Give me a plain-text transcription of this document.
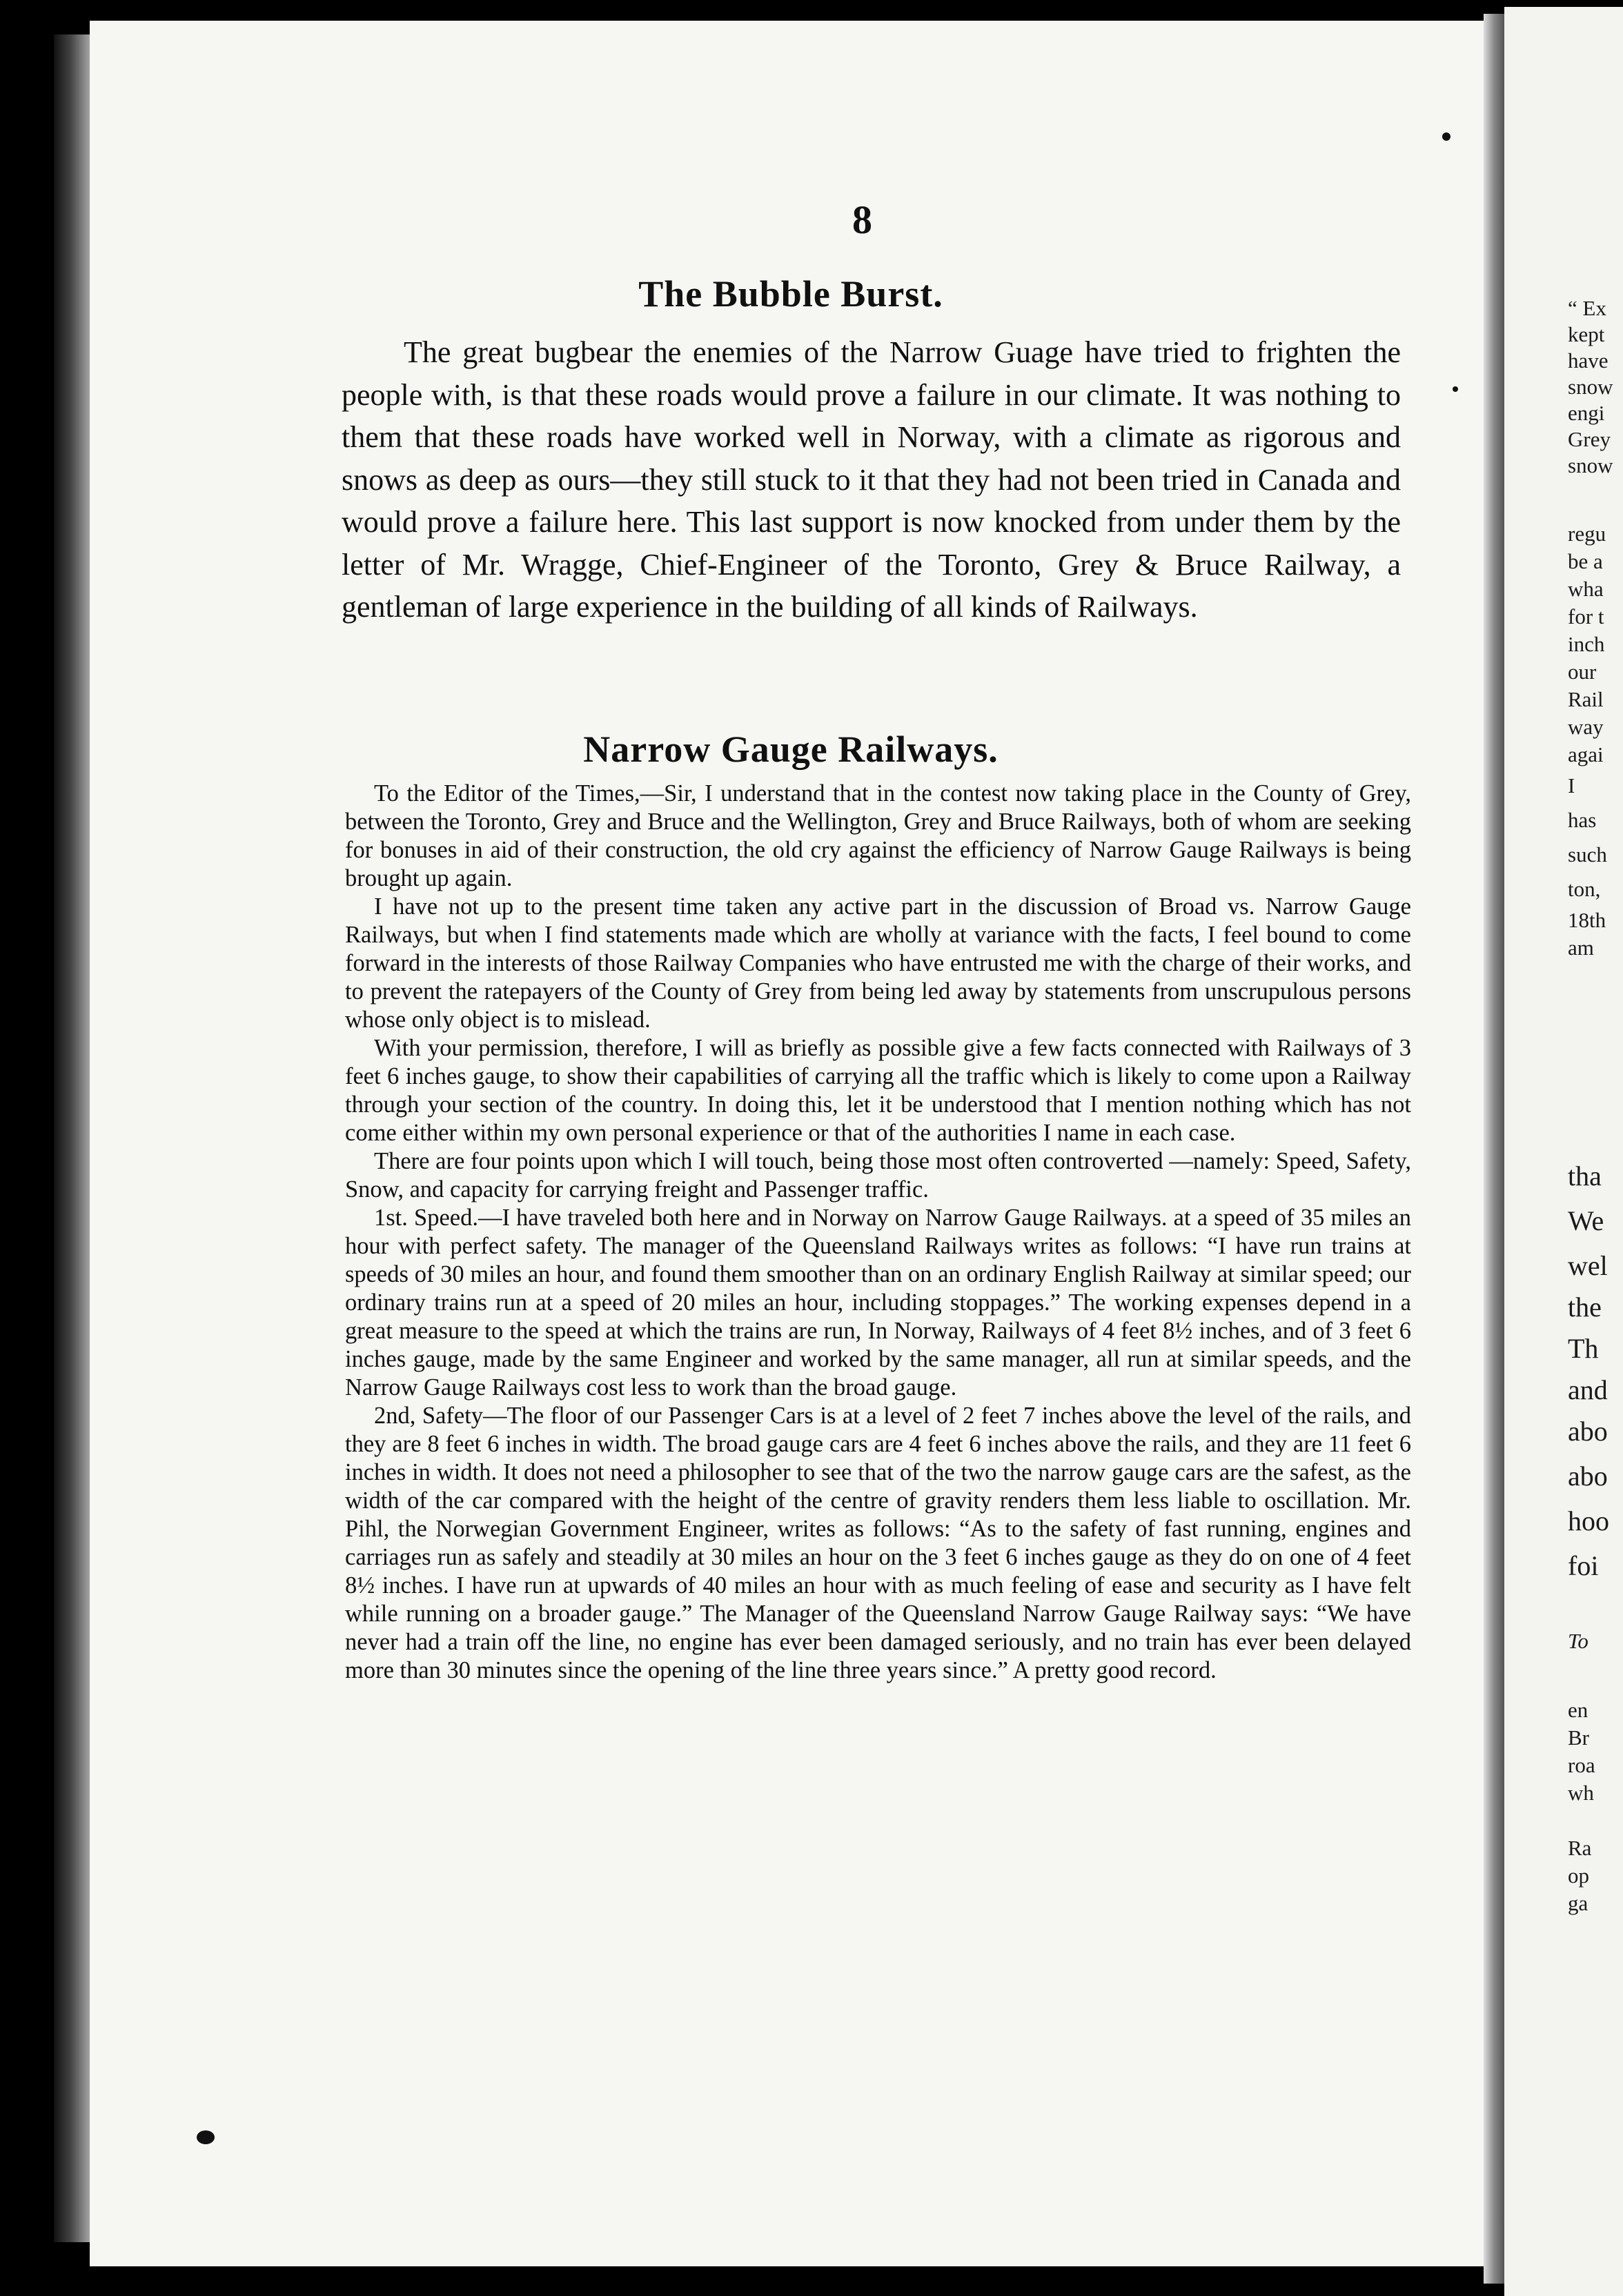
“ Ex
kept
have
snow
engi
Grey
snow
regu
be a
wha
for t
inch
our
Rail
way
agai
I
has
such
ton,
18th
am
tha
We
wel
the
Th
and
abo
abo
hoo
foi
To
en
Br
roa
wh
Ra
op
ga
8
The Bubble Burst.

The great bugbear the enemies of the Narrow Guage have tried to frighten the people with, is that these roads would prove a failure in our climate. It was nothing to them that these roads have worked well in Norway, with a climate as rigorous and snows as deep as ours—they still stuck to it that they had not been tried in Canada and would prove a failure here. This last support is now knocked from under them by the letter of Mr. Wragge, Chief-Engineer of the Toronto, Grey & Bruce Railway, a gentleman of large experience in the building of all kinds of Railways.

Narrow Gauge Railways.

To the Editor of the Times,—Sir, I understand that in the contest now taking place in the County of Grey, between the Toronto, Grey and Bruce and the Wellington, Grey and Bruce Railways, both of whom are seeking for bonuses in aid of their construction, the old cry against the efficiency of Narrow Gauge Railways is being brought up again.

I have not up to the present time taken any active part in the discussion of Broad vs. Narrow Gauge Railways, but when I find statements made which are wholly at variance with the facts, I feel bound to come forward in the interests of those Railway Companies who have entrusted me with the charge of their works, and to prevent the ratepayers of the County of Grey from being led away by statements from unscrupulous persons whose only object is to mislead.

With your permission, therefore, I will as briefly as possible give a few facts connected with Railways of 3 feet 6 inches gauge, to show their capabilities of carrying all the traffic which is likely to come upon a Railway through your section of the country. In doing this, let it be understood that I mention nothing which has not come either within my own personal experience or that of the authorities I name in each case.

There are four points upon which I will touch, being those most often controverted —namely: Speed, Safety, Snow, and capacity for carrying freight and Passenger traffic.

1st. Speed.—I have traveled both here and in Norway on Narrow Gauge Railways. at a speed of 35 miles an hour with perfect safety. The manager of the Queensland Railways writes as follows: “I have run trains at speeds of 30 miles an hour, and found them smoother than on an ordinary English Railway at similar speed; our ordinary trains run at a speed of 20 miles an hour, including stoppages.” The working expenses depend in a great measure to the speed at which the trains are run, In Norway, Railways of 4 feet 8½ inches, and of 3 feet 6 inches gauge, made by the same Engineer and worked by the same manager, all run at similar speeds, and the Narrow Gauge Railways cost less to work than the broad gauge.

2nd, Safety—The floor of our Passenger Cars is at a level of 2 feet 7 inches above the level of the rails, and they are 8 feet 6 inches in width. The broad gauge cars are 4 feet 6 inches above the rails, and they are 11 feet 6 inches in width. It does not need a philosopher to see that of the two the narrow gauge cars are the safest, as the width of the car compared with the height of the centre of gravity renders them less liable to oscillation. Mr. Pihl, the Norwegian Government Engineer, writes as follows: “As to the safety of fast running, engines and carriages run as safely and steadily at 30 miles an hour on the 3 feet 6 inches gauge as they do on one of 4 feet 8½ inches. I have run at upwards of 40 miles an hour with as much feeling of ease and security as I have felt while running on a broader gauge.” The Manager of the Queensland Narrow Gauge Railway says: “We have never had a train off the line, no engine has ever been damaged seriously, and no train has ever been delayed more than 30 minutes since the opening of the line three years since.” A pretty good record.
